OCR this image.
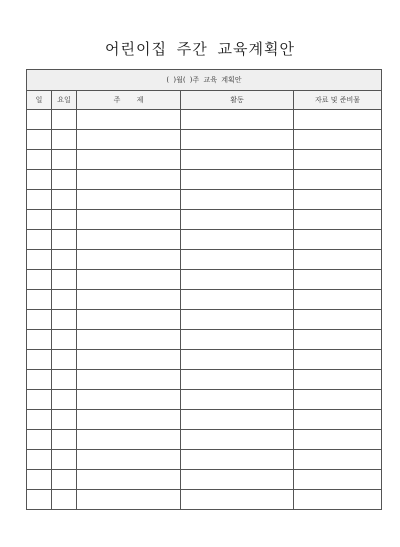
어린이집 주간 교육계획안
( )월( )주 교육 계획안				
일	요일	주 제	활동	자료 및 준비물
